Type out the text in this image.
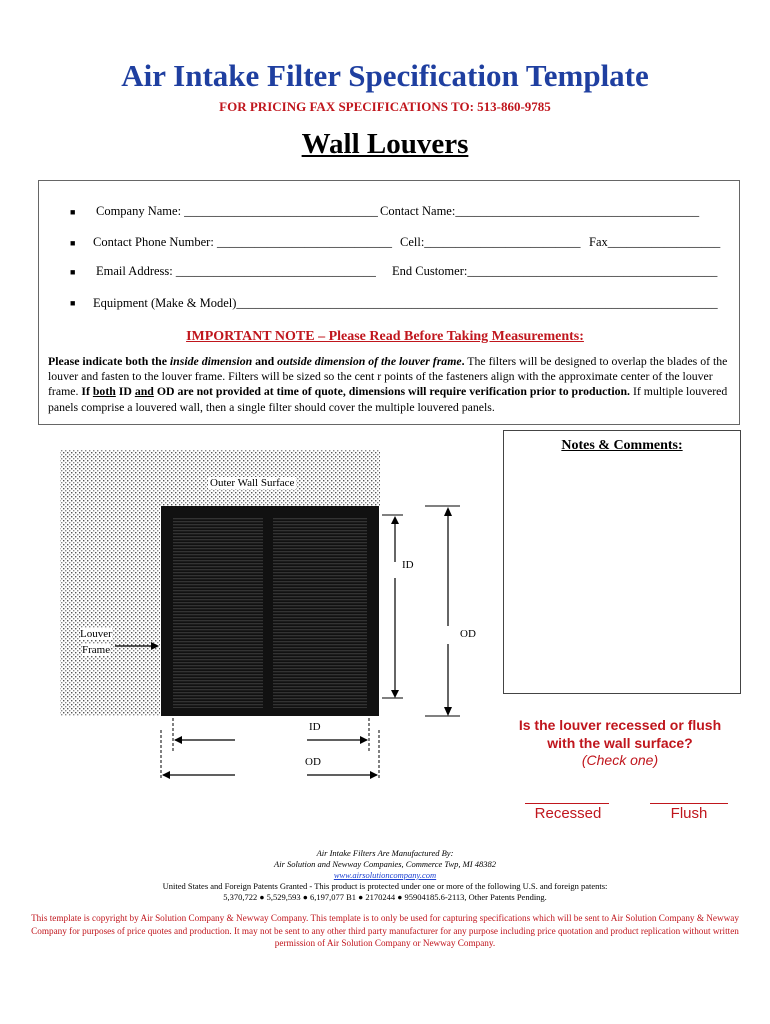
Air Intake Filter Specification Template
FOR PRICING FAX SPECIFICATIONS TO: 513-860-9785
Wall Louvers
■ Company Name: _______________________________ Contact Name:_______________________________________
■ Contact Phone Number: ____________________________ Cell:_________________________ Fax__________________
■ Email Address: ________________________________ End Customer:________________________________________
■ Equipment (Make & Model)_____________________________________________________________________________
IMPORTANT NOTE – Please Read Before Taking Measurements:
Please indicate both the inside dimension and outside dimension of the louver frame. The filters will be designed to overlap the blades of the louver and fasten to the louver frame. Filters will be sized so the cent r points of the fasteners align with the approximate center of the louver frame. If both ID and OD are not provided at time of quote, dimensions will require verification prior to production. If multiple louvered panels comprise a louvered wall, then a single filter should cover the multiple louvered panels.
Outer Wall Surface
Louver
Frame
ID
OD
ID
OD
Notes & Comments:
Is the louver recessed or flush
with the wall surface?
(Check one)
Recessed	Flush
Air Intake Filters Are Manufactured By:
Air Solution and Newway Companies, Commerce Twp, MI 48382
www.airsolutioncompany.com
United States and Foreign Patents Granted - This product is protected under one or more of the following U.S. and foreign patents:
5,370,722 ● 5,529,593 ● 6,197,077 B1 ● 2170244 ● 95904185.6-2113, Other Patents Pending.
This template is copyright by Air Solution Company & Newway Company. This template is to only be used for capturing specifications which will be sent to Air Solution Company & Newway Company for purposes of price quotes and production. It may not be sent to any other third party manufacturer for any purpose including price quotation and product replication without written permission of Air Solution Company or Newway Company.
